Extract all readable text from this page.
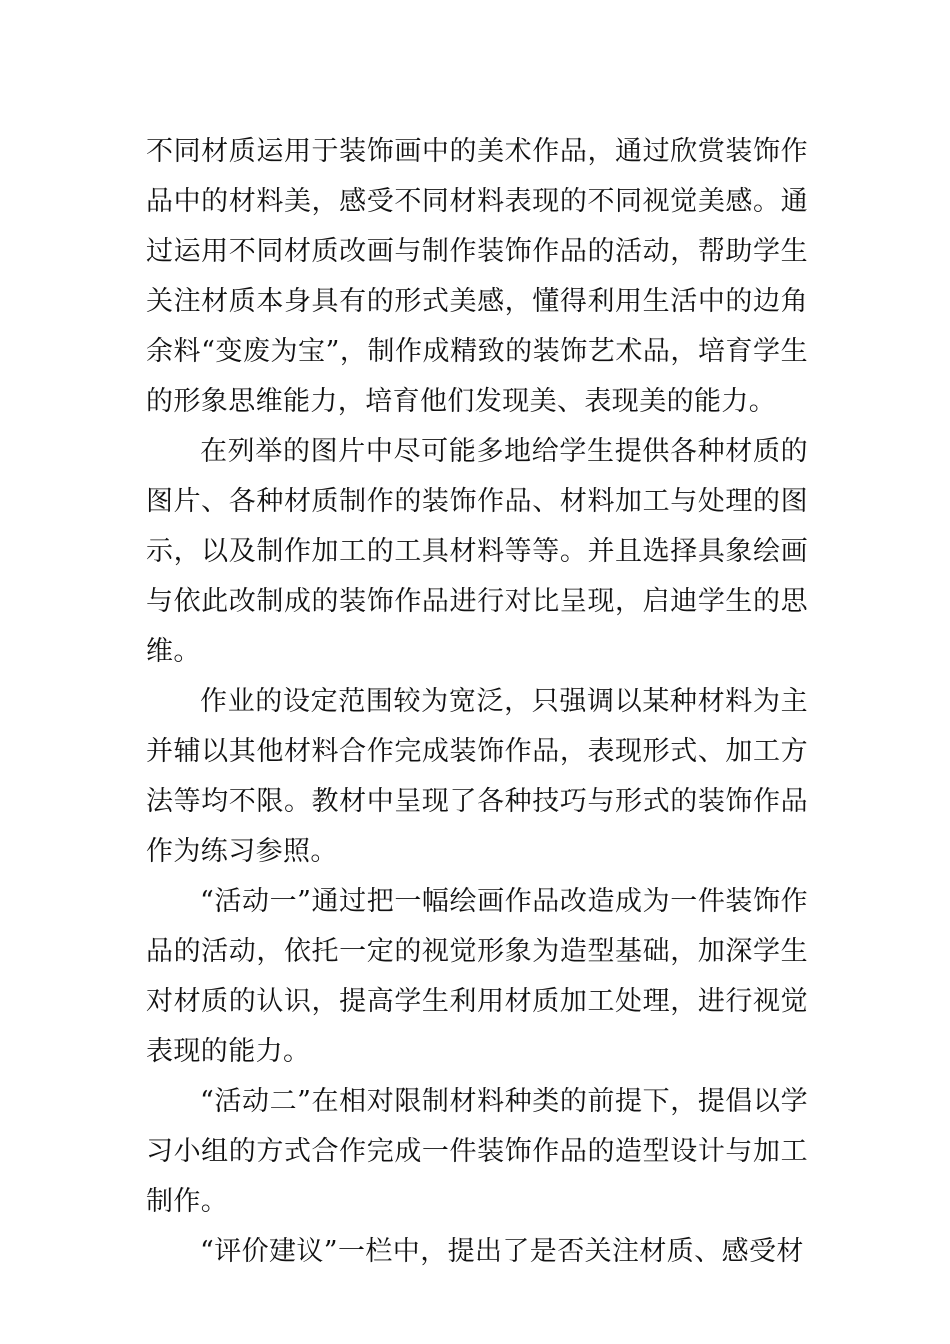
不同材质运用于装饰画中的美术作品，通过欣赏装饰作品中的材料美，感受不同材料表现的不同视觉美感。通过运用不同材质改画与制作装饰作品的活动，帮助学生关注材质本身具有的形式美感，懂得利用生活中的边角余料“变废为宝”，制作成精致的装饰艺术品，培育学生的形象思维能力，培育他们发现美、表现美的能力。

在列举的图片中尽可能多地给学生提供各种材质的图片、各种材质制作的装饰作品、材料加工与处理的图示，以及制作加工的工具材料等等。并且选择具象绘画与依此改制成的装饰作品进行对比呈现，启迪学生的思维。

作业的设定范围较为宽泛，只强调以某种材料为主并辅以其他材料合作完成装饰作品，表现形式、加工方法等均不限。教材中呈现了各种技巧与形式的装饰作品作为练习参照。

“活动一”通过把一幅绘画作品改造成为一件装饰作品的活动，依托一定的视觉形象为造型基础，加深学生对材质的认识，提高学生利用材质加工处理，进行视觉表现的能力。

“活动二”在相对限制材料种类的前提下，提倡以学习小组的方式合作完成一件装饰作品的造型设计与加工制作。

“评价建议”一栏中，提出了是否关注材质、感受材
